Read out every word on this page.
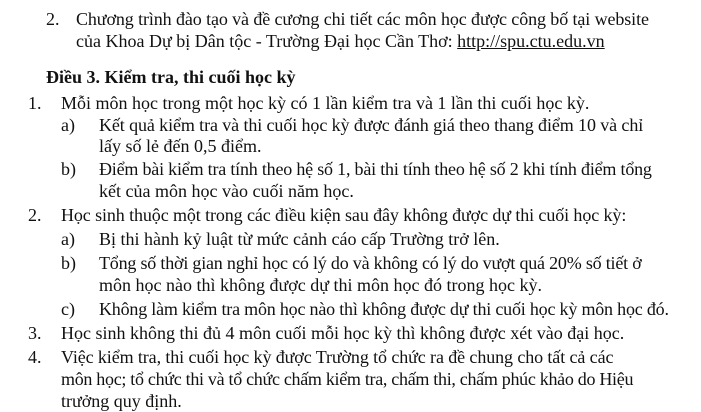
2. Chương trình đào tạo và đề cương chi tiết các môn học được công bố tại website
của Khoa Dự bị Dân tộc - Trường Đại học Cần Thơ: http://spu.ctu.edu.vn
Điều 3. Kiểm tra, thi cuối học kỳ
1. Mỗi môn học trong một học kỳ có 1 lần kiểm tra và 1 lần thi cuối học kỳ.
a) Kết quả kiểm tra và thi cuối học kỳ được đánh giá theo thang điểm 10 và chỉ
lấy số lẻ đến 0,5 điểm.
b) Điểm bài kiểm tra tính theo hệ số 1, bài thi tính theo hệ số 2 khi tính điểm tổng
kết của môn học vào cuối năm học.
2. Học sinh thuộc một trong các điều kiện sau đây không được dự thi cuối học kỳ:
a) Bị thi hành kỷ luật từ mức cảnh cáo cấp Trường trở lên.
b) Tổng số thời gian nghỉ học có lý do và không có lý do vượt quá 20% số tiết ở
môn học nào thì không được dự thi môn học đó trong học kỳ.
c) Không làm kiểm tra môn học nào thì không được dự thi cuối học kỳ môn học đó.
3. Học sinh không thi đủ 4 môn cuối mỗi học kỳ thì không được xét vào đại học.
4. Việc kiểm tra, thi cuối học kỳ được Trường tổ chức ra đề chung cho tất cả các
môn học; tổ chức thi và tổ chức chấm kiểm tra, chấm thi, chấm phúc khảo do Hiệu
trưởng quy định.
